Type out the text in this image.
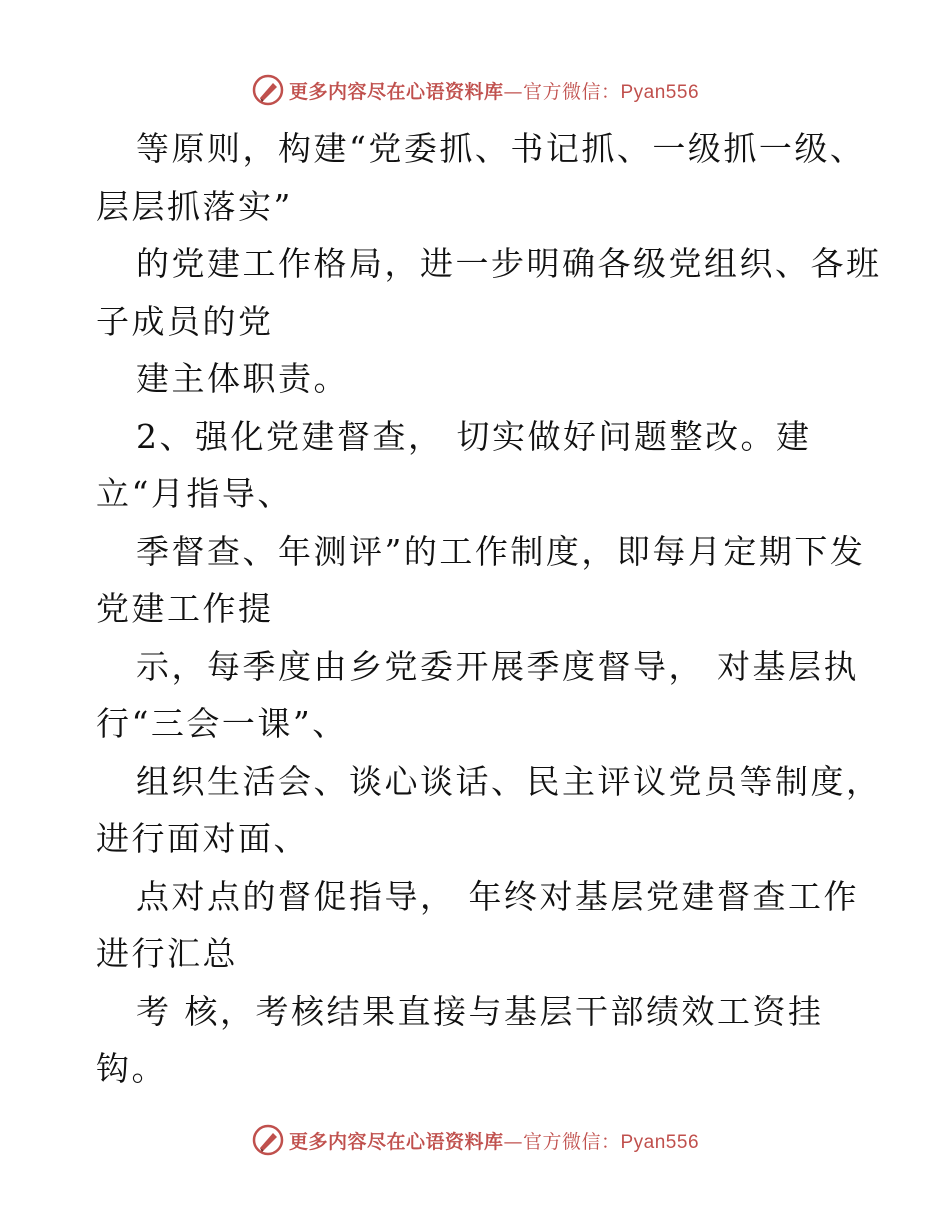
更多内容尽在心语资料库—官方微信：Pyan556
等原则，构建“党委抓、书记抓、一级抓一级、
层层抓落实”
的党建工作格局，进一步明确各级党组织、各班
子成员的党
建主体职责。
2、强化党建督查， 切实做好问题整改。建
立“月指导、
季督查、年测评”的工作制度，即每月定期下发
党建工作提
示，每季度由乡党委开展季度督导， 对基层执
行“三会一课”、
组织生活会、谈心谈话、民主评议党员等制度，
进行面对面、
点对点的督促指导， 年终对基层党建督查工作
进行汇总
考 核，考核结果直接与基层干部绩效工资挂
钩。
更多内容尽在心语资料库—官方微信：Pyan556
